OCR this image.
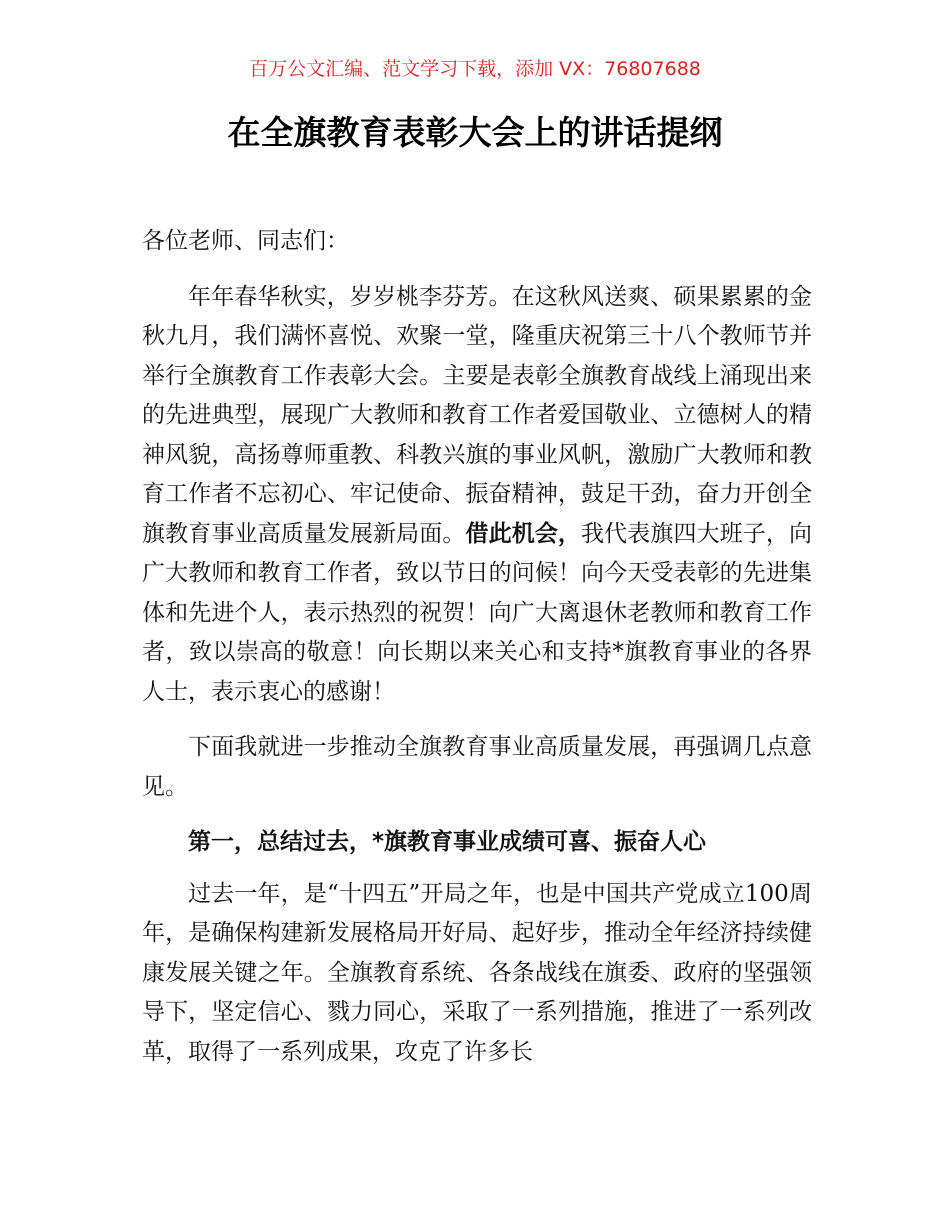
百万公文汇编、范文学习下载，添加 VX：76807688
在全旗教育表彰大会上的讲话提纲

各位老师、同志们：

年年春华秋实，岁岁桃李芬芳。在这秋风送爽、硕果累累的金秋九月，我们满怀喜悦、欢聚一堂，隆重庆祝第三十八个教师节并举行全旗教育工作表彰大会。主要是表彰全旗教育战线上涌现出来的先进典型，展现广大教师和教育工作者爱国敬业、立德树人的精神风貌，高扬尊师重教、科教兴旗的事业风帆，激励广大教师和教育工作者不忘初心、牢记使命、振奋精神，鼓足干劲，奋力开创全旗教育事业高质量发展新局面。借此机会，我代表旗四大班子，向广大教师和教育工作者，致以节日的问候！向今天受表彰的先进集体和先进个人，表示热烈的祝贺！向广大离退休老教师和教育工作者，致以崇高的敬意！向长期以来关心和支持*旗教育事业的各界人士，表示衷心的感谢！

下面我就进一步推动全旗教育事业高质量发展，再强调几点意见。

第一，总结过去，*旗教育事业成绩可喜、振奋人心

过去一年，是“十四五”开局之年，也是中国共产党成立100周年，是确保构建新发展格局开好局、起好步，推动全年经济持续健康发展关键之年。全旗教育系统、各条战线在旗委、政府的坚强领导下，坚定信心、戮力同心，采取了一系列措施，推进了一系列改革，取得了一系列成果，攻克了许多长
